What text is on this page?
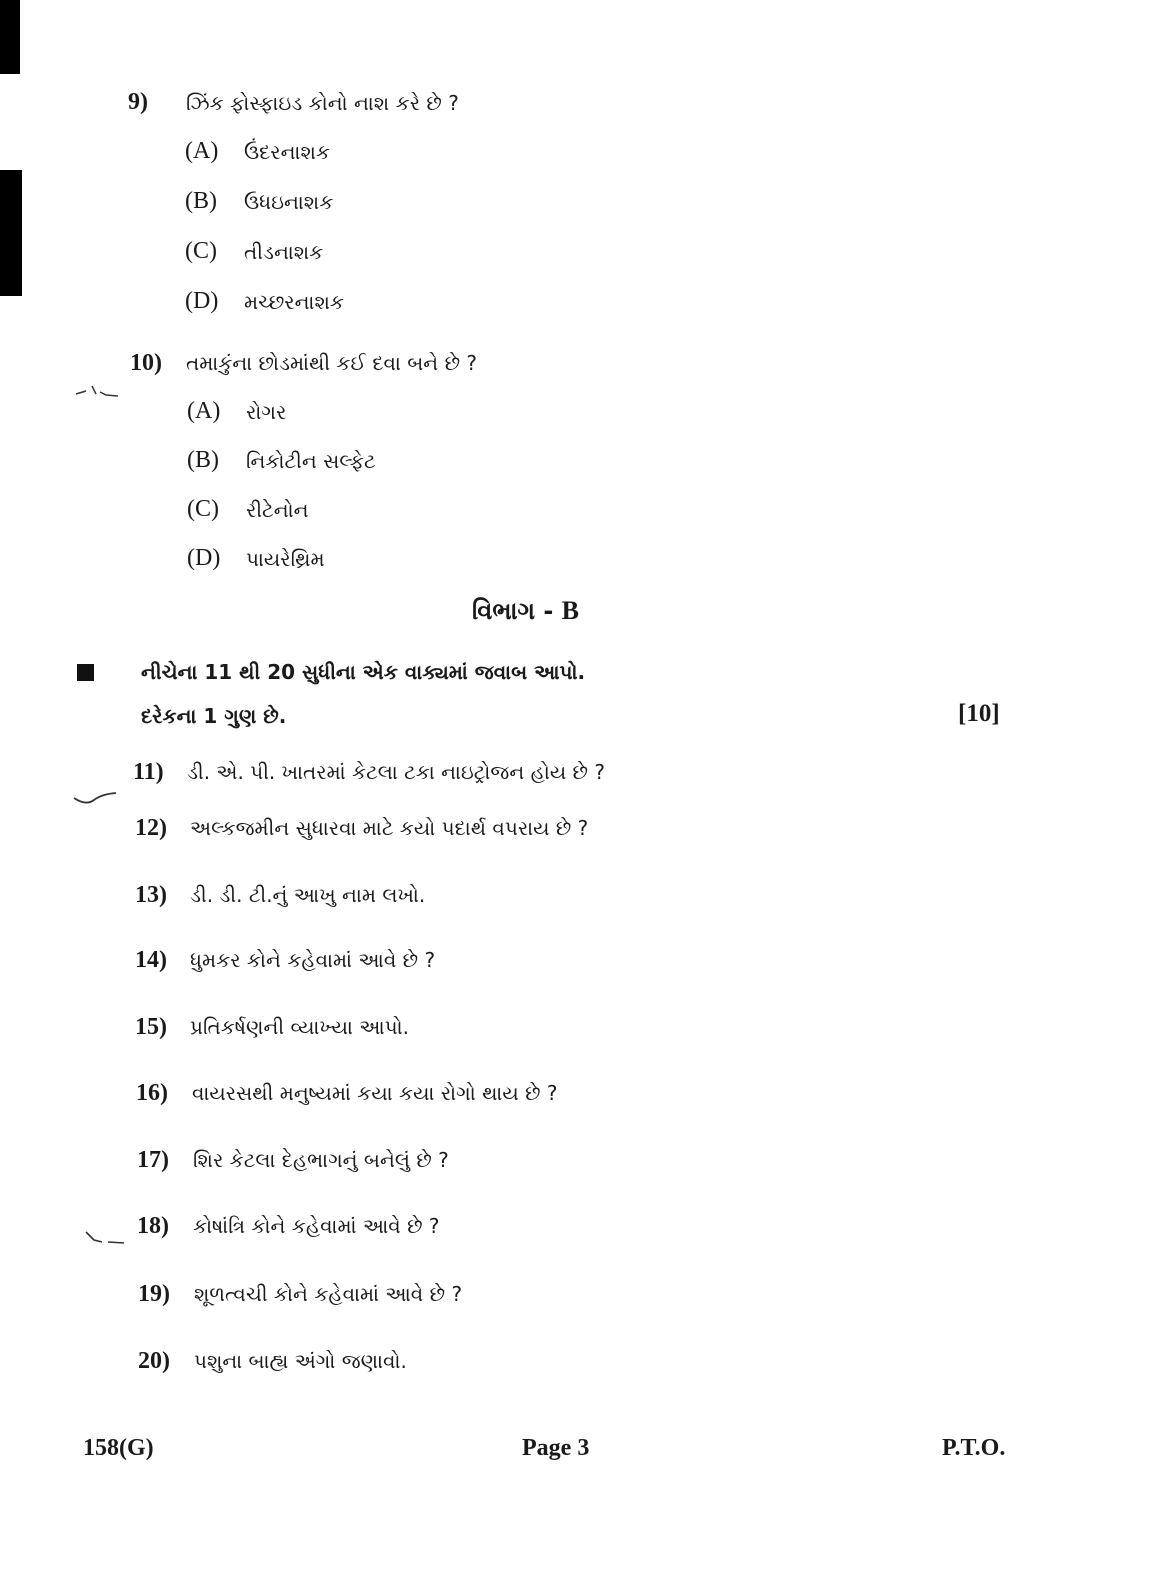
9) ઝિંક ફોસ્ફાઇડ કોનો નાશ કરે છે ?
(A) ઉંદરનાશક
(B) ઉધઇનાશક
(C) તીડનાશક
(D) મચ્છરનાશક
10) તમાકુંના છોડમાંથી કઈ દવા બને છે ?
(A) રોગર
(B) નિકોટીન સલ્ફેટ
(C) રીટેનોન
(D) પાયરેથ્રિમ
વિભાગ - B
નીચેના 11 થી 20 સુધીના એક વાક્યમાં જવાબ આપો.
દરેકના 1 ગુણ છે.	[10]
11) ડી. એ. પી. ખાતરમાં કેટલા ટકા નાઇટ્રોજન હોય છે ?
12) અલ્કજમીન સુધારવા માટે કયો પદાર્થ વપરાય છે ?
13) ડી. ડી. ટી.નું આખુ નામ લખો.
14) ધુમકર કોને કહેવામાં આવે છે ?
15) પ્રતિકર્ષણની વ્યાખ્યા આપો.
16) વાયરસથી મનુષ્યમાં કયા કયા રોગો થાય છે ?
17) શિર કેટલા દેહભાગનું બનેલું છે ?
18) કોષાંત્રિ કોને કહેવામાં આવે છે ?
19) શૂળત્વચી કોને કહેવામાં આવે છે ?
20) પશુના બાહ્ય અંગો જણાવો.
158(G)	Page 3	P.T.O.
